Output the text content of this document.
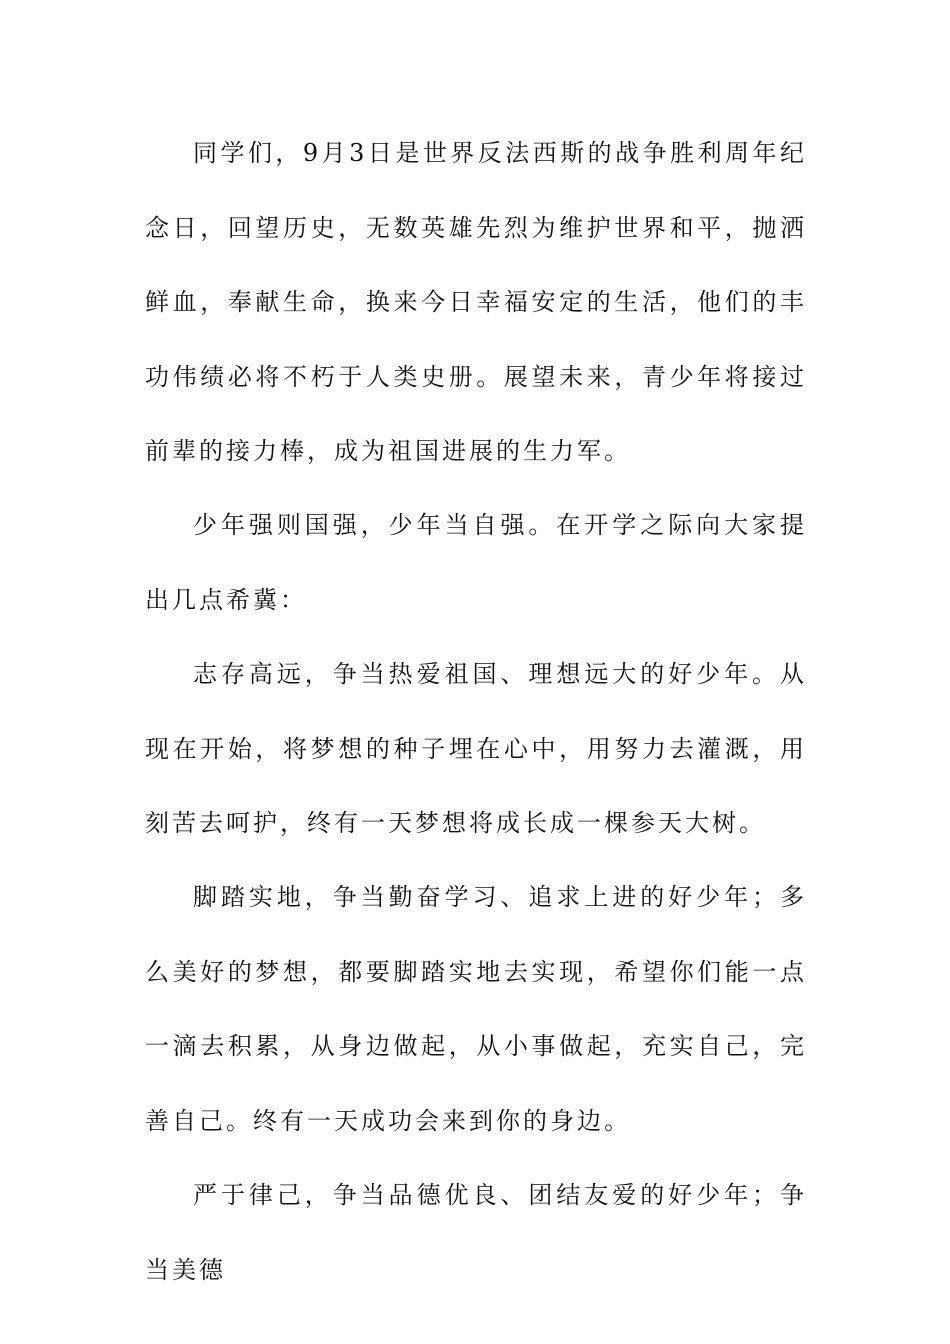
同学们，9月3日是世界反法西斯的战争胜利周年纪念日，回望历史，无数英雄先烈为维护世界和平，抛洒鲜血，奉献生命，换来今日幸福安定的生活，他们的丰功伟绩必将不朽于人类史册。展望未来，青少年将接过前辈的接力棒，成为祖国进展的生力军。

少年强则国强，少年当自强。在开学之际向大家提出几点希冀：

志存高远，争当热爱祖国、理想远大的好少年。从现在开始，将梦想的种子埋在心中，用努力去灌溉，用刻苦去呵护，终有一天梦想将成长成一棵参天大树。

脚踏实地，争当勤奋学习、追求上进的好少年；多么美好的梦想，都要脚踏实地去实现，希望你们能一点一滴去积累，从身边做起，从小事做起，充实自己，完善自己。终有一天成功会来到你的身边。

严于律己，争当品德优良、团结友爱的好少年；争当美德
